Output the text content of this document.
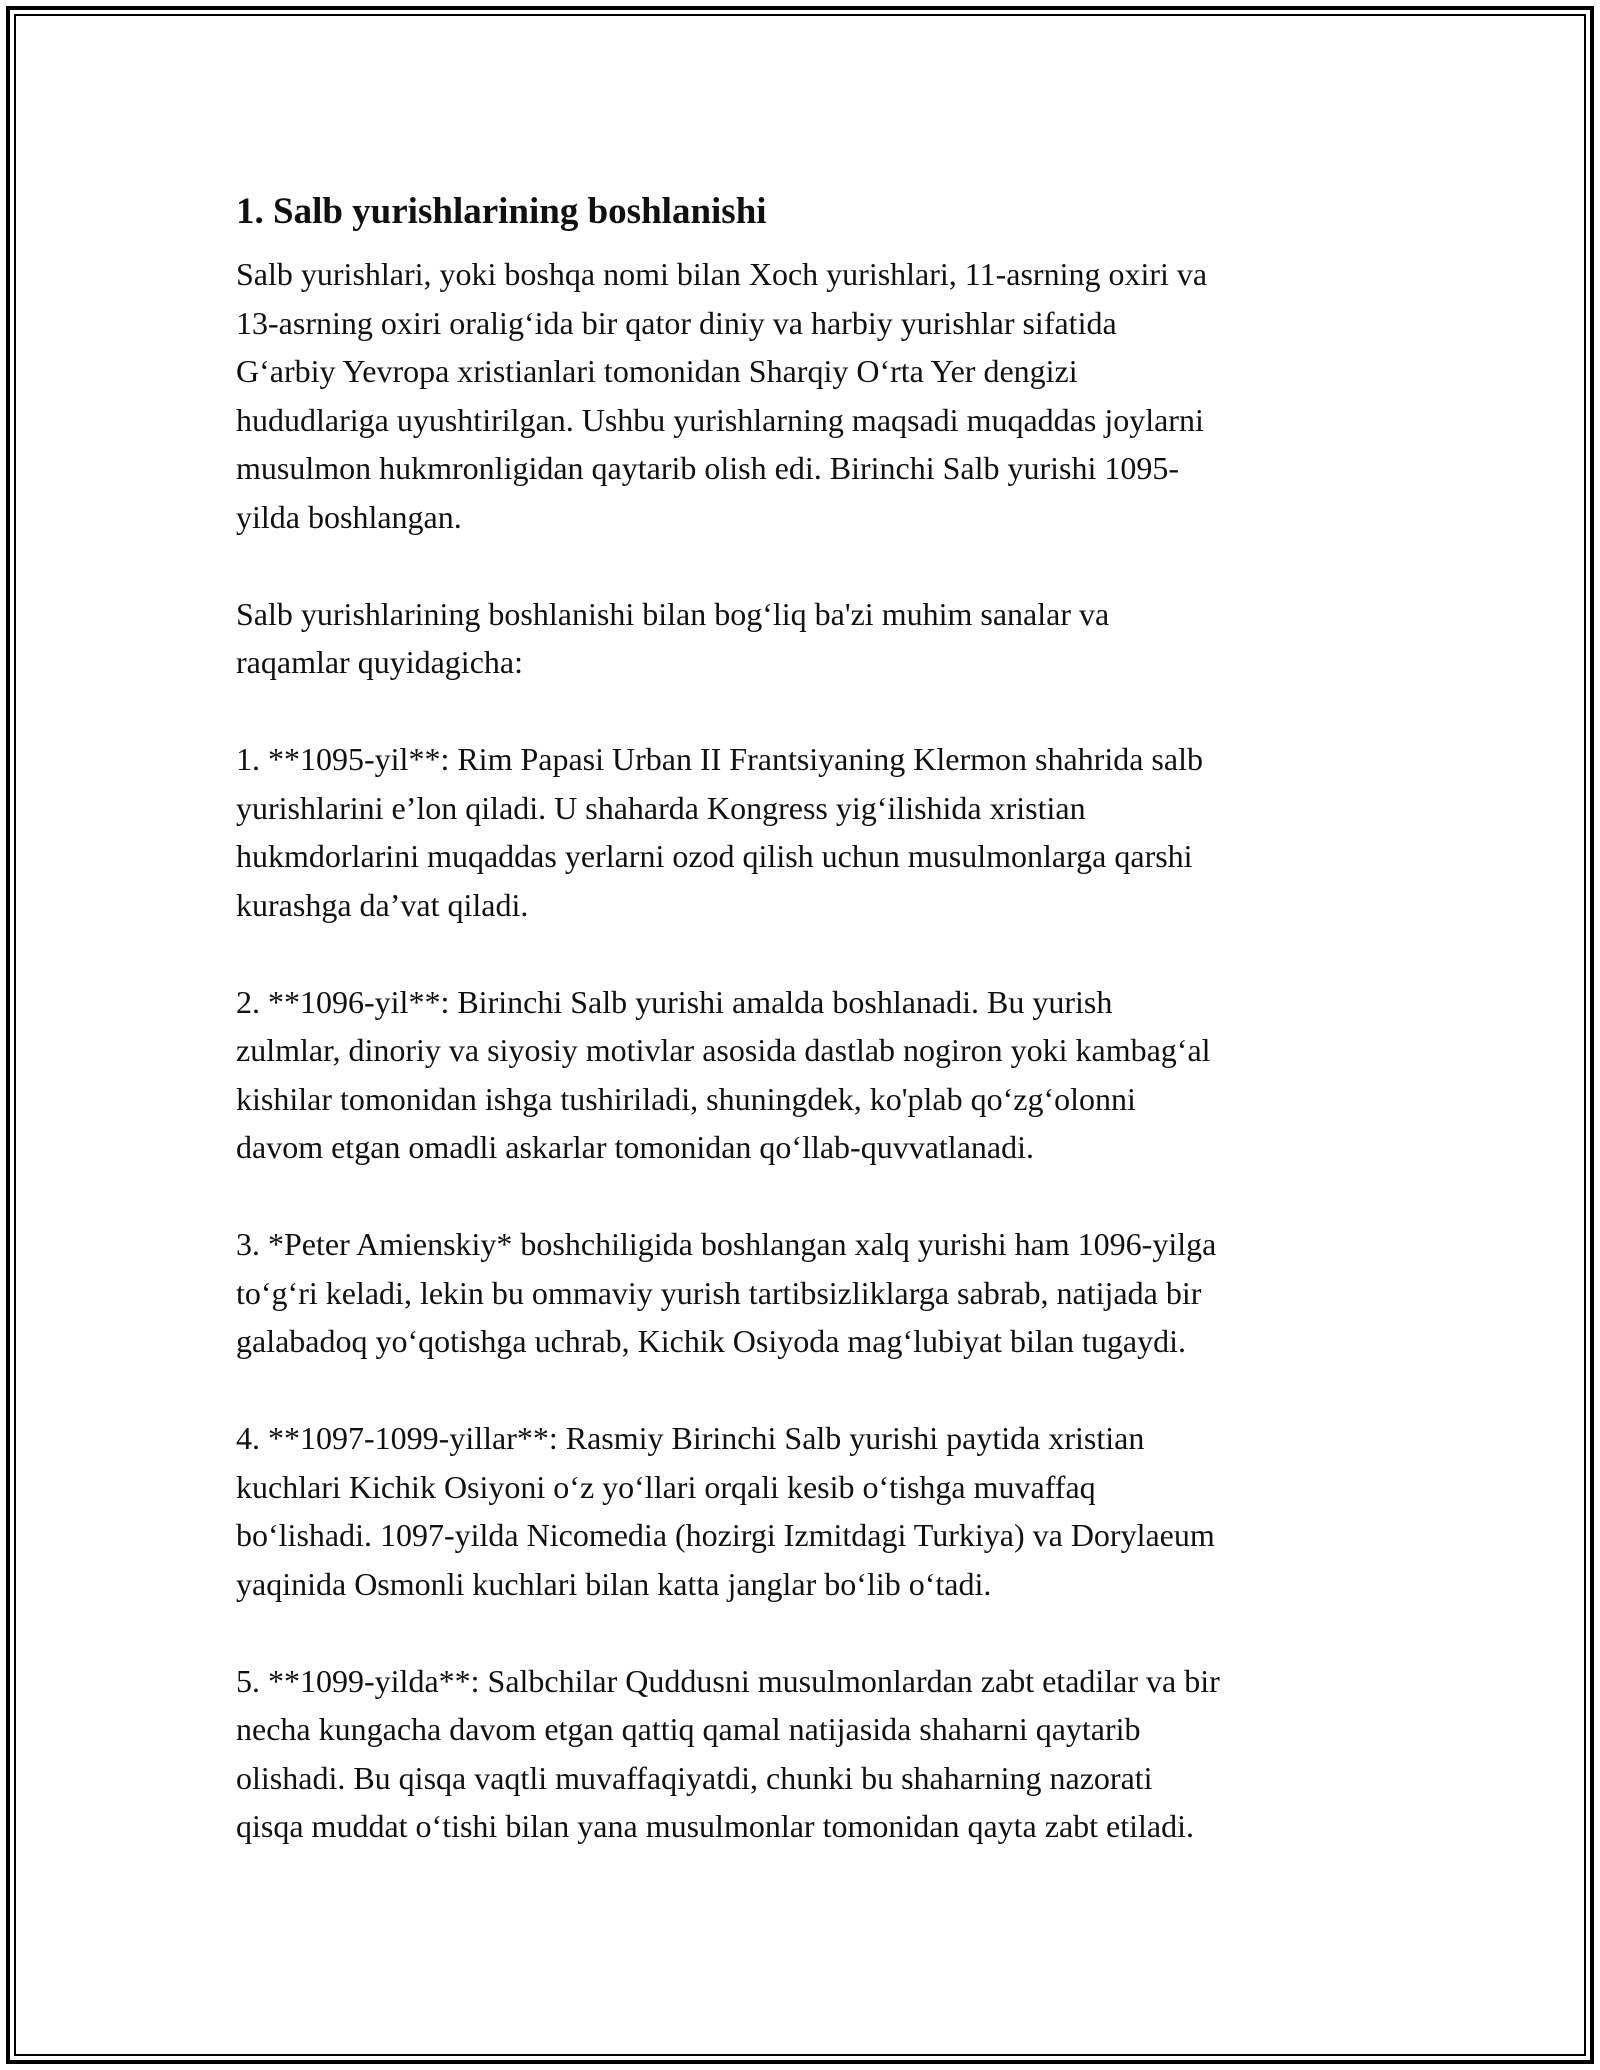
1. Salb yurishlarining boshlanishi
Salb yurishlari, yoki boshqa nomi bilan Xoch yurishlari, 11-asrning oxiri va
13-asrning oxiri oralig‘ida bir qator diniy va harbiy yurishlar sifatida
G‘arbiy Yevropa xristianlari tomonidan Sharqiy O‘rta Yer dengizi
hududlariga uyushtirilgan. Ushbu yurishlarning maqsadi muqaddas joylarni
musulmon hukmronligidan qaytarib olish edi. Birinchi Salb yurishi 1095-
yilda boshlangan.
Salb yurishlarining boshlanishi bilan bog‘liq ba'zi muhim sanalar va
raqamlar quyidagicha:
1. **1095-yil**: Rim Papasi Urban II Frantsiyaning Klermon shahrida salb
yurishlarini e’lon qiladi. U shaharda Kongress yig‘ilishida xristian
hukmdorlarini muqaddas yerlarni ozod qilish uchun musulmonlarga qarshi
kurashga da’vat qiladi.
2. **1096-yil**: Birinchi Salb yurishi amalda boshlanadi. Bu yurish
zulmlar, dinoriy va siyosiy motivlar asosida dastlab nogiron yoki kambag‘al
kishilar tomonidan ishga tushiriladi, shuningdek, ko'plab qo‘zg‘olonni
davom etgan omadli askarlar tomonidan qo‘llab-quvvatlanadi.
3. *Peter Amienskiy* boshchiligida boshlangan xalq yurishi ham 1096-yilga
to‘g‘ri keladi, lekin bu ommaviy yurish tartibsizliklarga sabrab, natijada bir
galabadoq yo‘qotishga uchrab, Kichik Osiyoda mag‘lubiyat bilan tugaydi.
4. **1097-1099-yillar**: Rasmiy Birinchi Salb yurishi paytida xristian
kuchlari Kichik Osiyoni o‘z yo‘llari orqali kesib o‘tishga muvaffaq
bo‘lishadi. 1097-yilda Nicomedia (hozirgi Izmitdagi Turkiya) va Dorylaeum
yaqinida Osmonli kuchlari bilan katta janglar bo‘lib o‘tadi.
5. **1099-yilda**: Salbchilar Quddusni musulmonlardan zabt etadilar va bir
necha kungacha davom etgan qattiq qamal natijasida shaharni qaytarib
olishadi. Bu qisqa vaqtli muvaffaqiyatdi, chunki bu shaharning nazorati
qisqa muddat o‘tishi bilan yana musulmonlar tomonidan qayta zabt etiladi.
